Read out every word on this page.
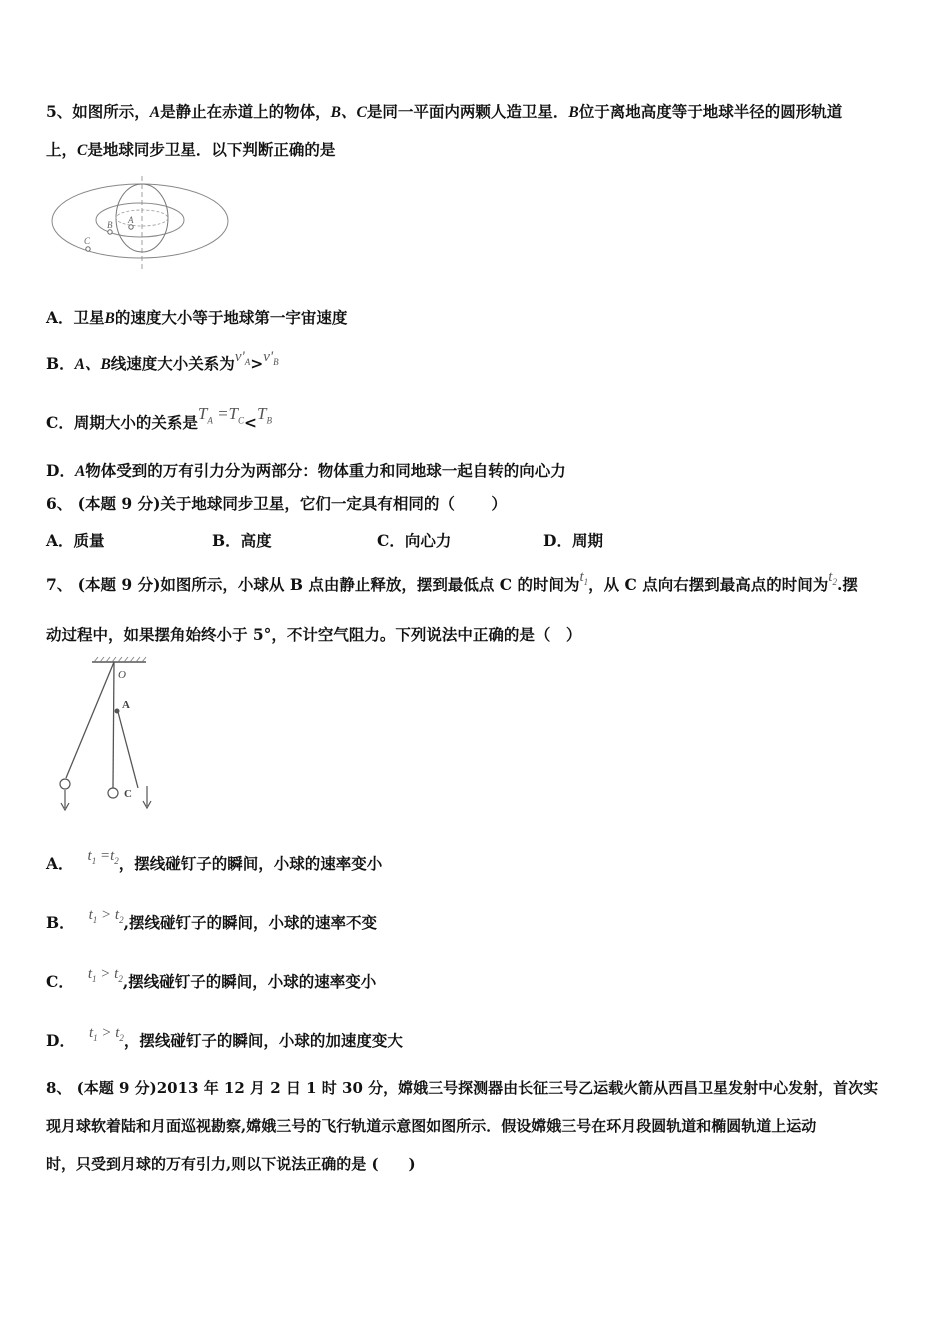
5、如图所示，A是静止在赤道上的物体，B、C是同一平面内两颗人造卫星．B位于离地高度等于地球半径的圆形轨道
上，C是地球同步卫星．以下判断正确的是
A
B
C
A．卫星B的速度大小等于地球第一宇宙速度
B．A、B线速度大小关系为$v'_A>v'_B$
C．周期大小的关系是$T_A =T_C<T_B$
D．A物体受到的万有引力分为两部分：物体重力和同地球一起自转的向心力
6、 (本题 9 分)关于地球同步卫星，它们一定具有相同的（　　 ）
A．质量	B．高度	C．向心力	D．周期
7、 (本题 9 分)如图所示，小球从 B 点由静止释放，摆到最低点 C 的时间为$t_1$，从 C 点向右摆到最高点的时间为$t_2$.摆
动过程中，如果摆角始终小于 5°，不计空气阻力。下列说法中正确的是（　）
O
A
C
A． $t_1 =t_2$，摆线碰钉子的瞬间，小球的速率变小
B． $t_1 > t_2$,摆线碰钉子的瞬间，小球的速率不变
C． $t_1 > t_2$,摆线碰钉子的瞬间，小球的速率变小
D． $t_1 > t_2$，摆线碰钉子的瞬间，小球的加速度变大
8、 (本题 9 分)2013 年 12 月 2 日 1 时 30 分，嫦娥三号探测器由长征三号乙运载火箭从西昌卫星发射中心发射，首次实
现月球软着陆和月面巡视勘察,嫦娥三号的飞行轨道示意图如图所示．假设嫦娥三号在环月段圆轨道和椭圆轨道上运动
时，只受到月球的万有引力,则以下说法正确的是 (　　)
